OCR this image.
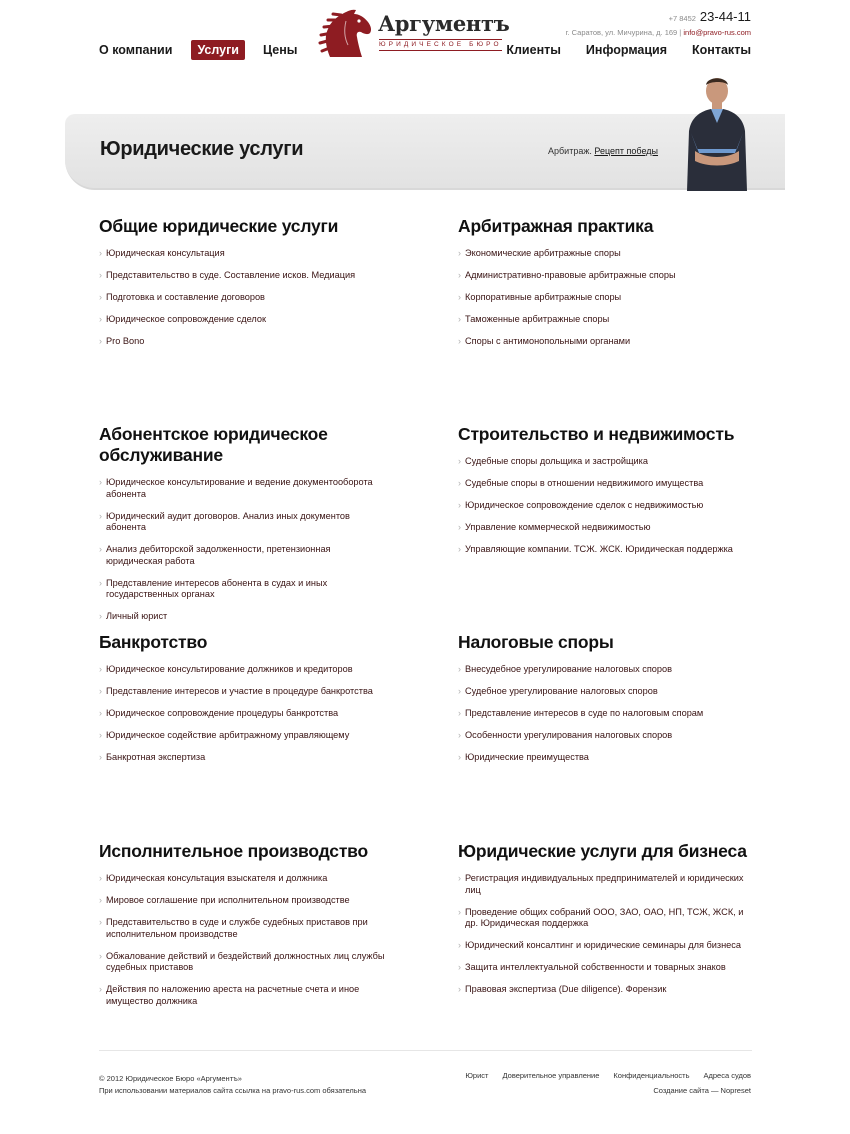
О компании	Услуги	Цены
Аргументъ
ЮРИДИЧЕСКОЕ БЮРО
+7 8452 23-44-11
г. Саратов, ул. Мичурина, д. 169 | info@pravo-rus.com
Клиенты Информация Контакты
Юридические услуги	Арбитраж. Рецепт победы
Общие юридические услуги
› Юридическая консультация
› Представительство в суде. Составление исков. Медиация
› Подготовка и составление договоров
› Юридическое сопровождение сделок
› Pro Bono
Арбитражная практика
› Экономические арбитражные споры
› Административно-правовые арбитражные споры
› Корпоративные арбитражные споры
› Таможенные арбитражные споры
› Споры с антимонопольными органами
Абонентское юридическое обслуживание
› Юридическое консультирование и ведение документооборота абонента
› Юридический аудит договоров. Анализ иных документов абонента
› Анализ дебиторской задолженности, претензионная юридическая работа
› Представление интересов абонента в судах и иных государственных органах
› Личный юрист
Строительство и недвижимость
› Судебные споры дольщика и застройщика
› Судебные споры в отношении недвижимого имущества
› Юридическое сопровождение сделок с недвижимостью
› Управление коммерческой недвижимостью
› Управляющие компании. ТСЖ. ЖСК. Юридическая поддержка
Банкротство
› Юридическое консультирование должников и кредиторов
› Представление интересов и участие в процедуре банкротства
› Юридическое сопровождение процедуры банкротства
› Юридическое содействие арбитражному управляющему
› Банкротная экспертиза
Налоговые споры
› Внесудебное урегулирование налоговых споров
› Судебное урегулирование налоговых споров
› Представление интересов в суде по налоговым спорам
› Особенности урегулирования налоговых споров
› Юридические преимущества
Исполнительное производство
› Юридическая консультация взыскателя и должника
› Мировое соглашение при исполнительном производстве
› Представительство в суде и службе судебных приставов при исполнительном производстве
› Обжалование действий и бездействий должностных лиц службы судебных приставов
› Действия по наложению ареста на расчетные счета и иное имущество должника
Юридические услуги для бизнеса
› Регистрация индивидуальных предпринимателей и юридических лиц
› Проведение общих собраний ООО, ЗАО, ОАО, НП, ТСЖ, ЖСК, и др. Юридическая поддержка
› Юридический консалтинг и юридические семинары для бизнеса
› Защита интеллектуальной собственности и товарных знаков
› Правовая экспертиза (Due diligence). Форензик
© 2012 Юридическое Бюро «Аргументъ»
При использовании материалов сайта ссылка на pravo-rus.com обязательна
Юрист Доверительное управление Конфиденциальность Адреса судов
Создание сайта — Nopreset
